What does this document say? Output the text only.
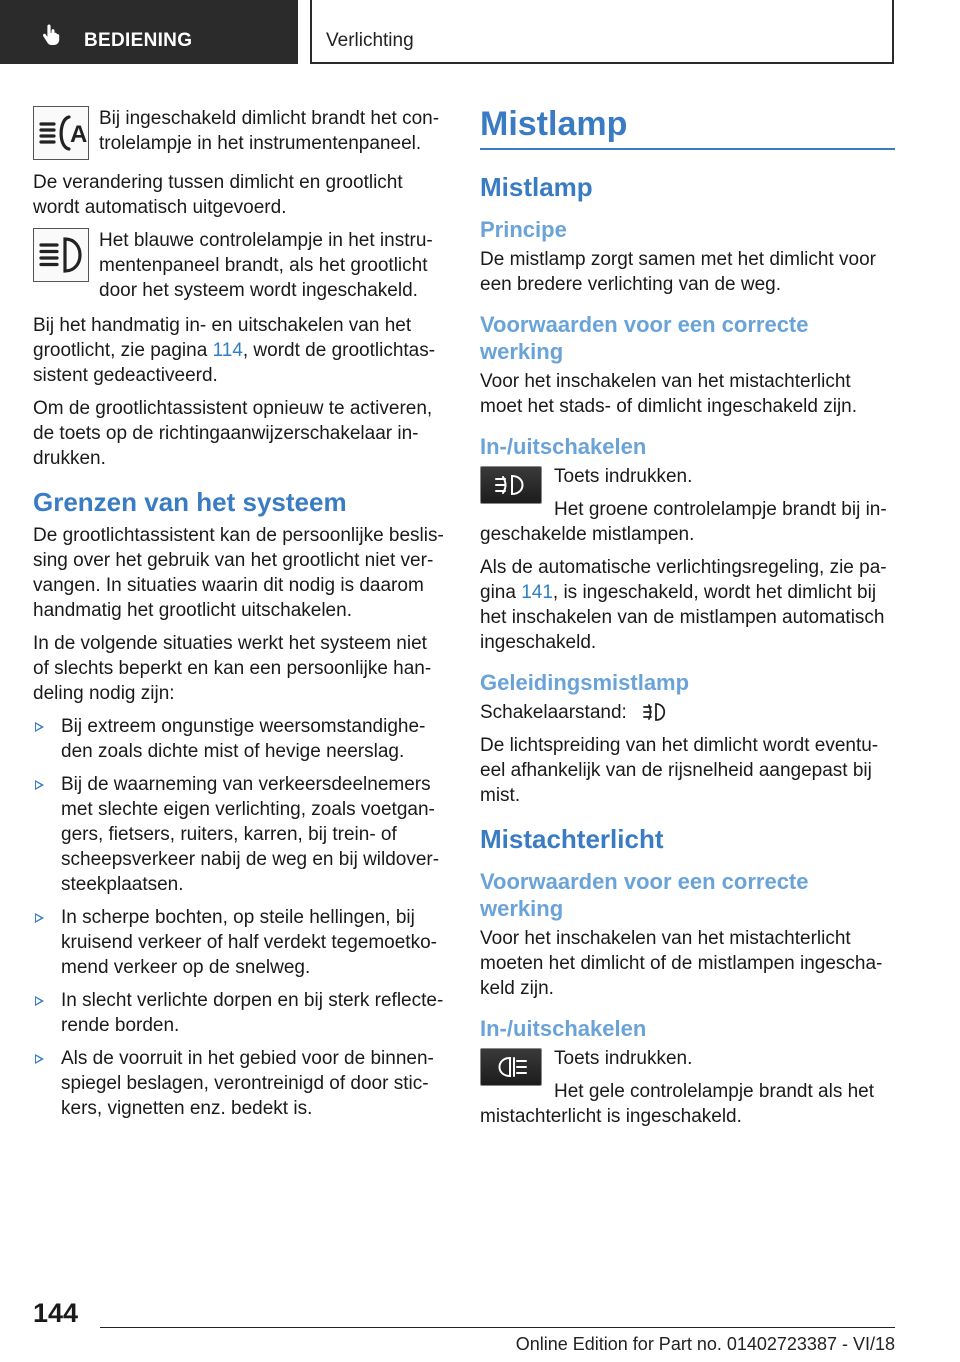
BEDIENING	Verlichting
A

Bij ingeschakeld dimlicht brandt het con-trolelampje in het instrumentenpaneel.

De verandering tussen dimlicht en grootlicht wordt automatisch uitgevoerd.

Het blauwe controlelampje in het instru-mentenpaneel brandt, als het grootlicht door het systeem wordt ingeschakeld.

Bij het handmatig in- en uitschakelen van het grootlicht, zie pagina 114, wordt de grootlichtas-sistent gedeactiveerd.

Om de grootlichtassistent opnieuw te activeren, de toets op de richtingaanwijzerschakelaar in-drukken.

Grenzen van het systeem

De grootlichtassistent kan de persoonlijke beslis-sing over het gebruik van het grootlicht niet ver-vangen. In situaties waarin dit nodig is daarom handmatig het grootlicht uitschakelen.

In de volgende situaties werkt het systeem niet of slechts beperkt en kan een persoonlijke han-deling nodig zijn:

Bij extreem ongunstige weersomstandighe-den zoals dichte mist of hevige neerslag.
Bij de waarneming van verkeersdeelnemers met slechte eigen verlichting, zoals voetgan-gers, fietsers, ruiters, karren, bij trein- of scheepsverkeer nabij de weg en bij wildover-steekplaatsen.
In scherpe bochten, op steile hellingen, bij kruisend verkeer of half verdekt tegemoetko-mend verkeer op de snelweg.
In slecht verlichte dorpen en bij sterk reflecte-rende borden.
Als de voorruit in het gebied voor de binnen-spiegel beslagen, verontreinigd of door stic-kers, vignetten enz. bedekt is.
Mistlamp
Mistlamp
Principe

De mistlamp zorgt samen met het dimlicht voor een bredere verlichting van de weg.

Voorwaarden voor een correcte werking

Voor het inschakelen van het mistachterlicht moet het stads- of dimlicht ingeschakeld zijn.

In-/uitschakelen

Toets indrukken.

Het groene controlelampje brandt bij in-geschakelde mistlampen.

Als de automatische verlichtingsregeling, zie pa-gina 141, is ingeschakeld, wordt het dimlicht bij het inschakelen van de mistlampen automatisch ingeschakeld.

Geleidingsmistlamp

Schakelaarstand:

De lichtspreiding van het dimlicht wordt eventu-eel afhankelijk van de rijsnelheid aangepast bij mist.

Mistachterlicht
Voorwaarden voor een correcte werking

Voor het inschakelen van het mistachterlicht moeten het dimlicht of de mistlampen ingescha-keld zijn.

In-/uitschakelen

Toets indrukken.

Het gele controlelampje brandt als het mistachterlicht is ingeschakeld.

144
Online Edition for Part no. 01402723387 - VI/18
